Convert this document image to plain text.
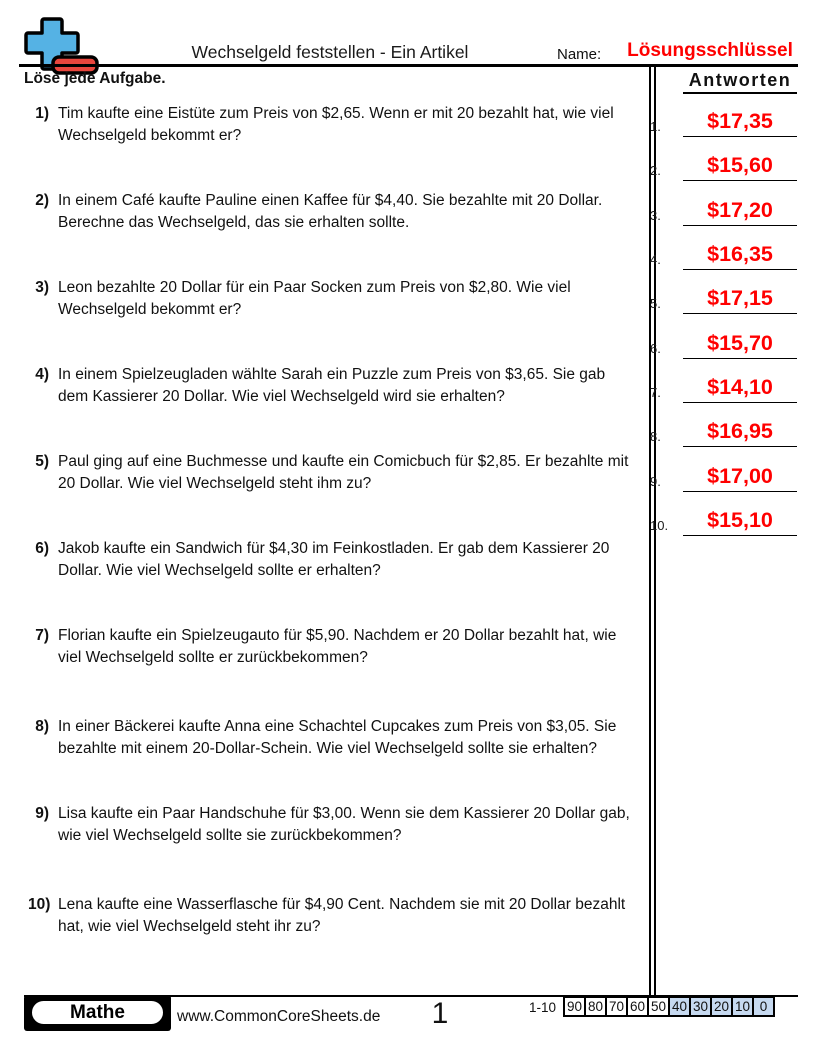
Wechselgeld feststellen - Ein Artikel	Name:	Lösungsschlüssel
Löse jede Aufgabe.
1) Tim kaufte eine Eistüte zum Preis von $2,65. Wenn er mit 20 bezahlt hat, wie viel Wechselgeld bekommt er?
2) In einem Café kaufte Pauline einen Kaffee für $4,40. Sie bezahlte mit 20 Dollar. Berechne das Wechselgeld, das sie erhalten sollte.
3) Leon bezahlte 20 Dollar für ein Paar Socken zum Preis von $2,80. Wie viel Wechselgeld bekommt er?
4) In einem Spielzeugladen wählte Sarah ein Puzzle zum Preis von $3,65. Sie gab dem Kassierer 20 Dollar. Wie viel Wechselgeld wird sie erhalten?
5) Paul ging auf eine Buchmesse und kaufte ein Comicbuch für $2,85. Er bezahlte mit 20 Dollar. Wie viel Wechselgeld steht ihm zu?
6) Jakob kaufte ein Sandwich für $4,30 im Feinkostladen. Er gab dem Kassierer 20 Dollar. Wie viel Wechselgeld sollte er erhalten?
7) Florian kaufte ein Spielzeugauto für $5,90. Nachdem er 20 Dollar bezahlt hat, wie viel Wechselgeld sollte er zurückbekommen?
8) In einer Bäckerei kaufte Anna eine Schachtel Cupcakes zum Preis von $3,05. Sie bezahlte mit einem 20-Dollar-Schein. Wie viel Wechselgeld sollte sie erhalten?
9) Lisa kaufte ein Paar Handschuhe für $3,00. Wenn sie dem Kassierer 20 Dollar gab, wie viel Wechselgeld sollte sie zurückbekommen?
10) Lena kaufte eine Wasserflasche für $4,90 Cent. Nachdem sie mit 20 Dollar bezahlt hat, wie viel Wechselgeld steht ihr zu?
Antworten
1.	$17,35
2.	$15,60
3.	$17,20
4.	$16,35
5.	$17,15
6.	$15,70
7.	$14,10
8.	$16,95
9.	$17,00
10.	$15,10
Mathe	www.CommonCoreSheets.de	1	1-10 90 80 70 60 50 40 30 20 10 0
